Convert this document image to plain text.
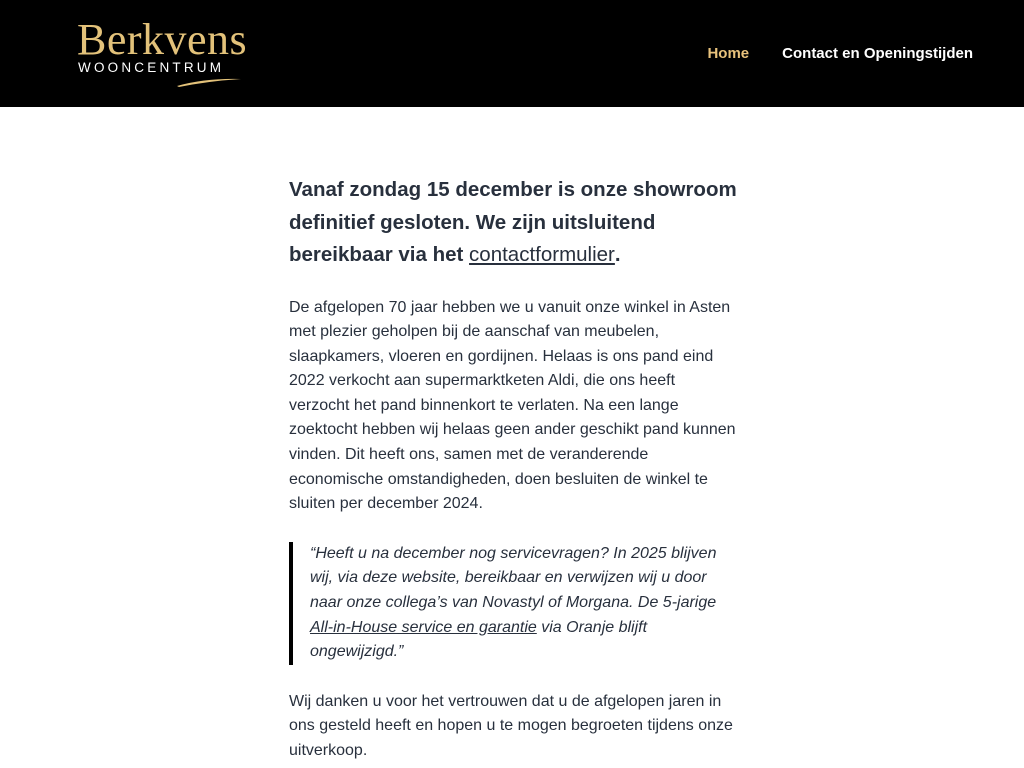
Berkvens
WOONCENTRUM
Home Contact en Openingstijden

Vanaf zondag 15 december is onze showroom definitief gesloten. We zijn uitsluitend bereikbaar via het contactformulier.

De afgelopen 70 jaar hebben we u vanuit onze winkel in Asten met plezier geholpen bij de aanschaf van meubelen, slaapkamers, vloeren en gordijnen. Helaas is ons pand eind 2022 verkocht aan supermarktketen Aldi, die ons heeft verzocht het pand binnenkort te verlaten. Na een lange zoektocht hebben wij helaas geen ander geschikt pand kunnen vinden. Dit heeft ons, samen met de veranderende economische omstandigheden, doen besluiten de winkel te sluiten per december 2024.

“Heeft u na december nog servicevragen? In 2025 blijven wij, via deze website, bereikbaar en verwijzen wij u door naar onze collega’s van Novastyl of Morgana. De 5-jarige All-in-House service en garantie via Oranje blijft ongewijzigd.”

Wij danken u voor het vertrouwen dat u de afgelopen jaren in ons gesteld heeft en hopen u te mogen begroeten tijdens onze uitverkoop.
